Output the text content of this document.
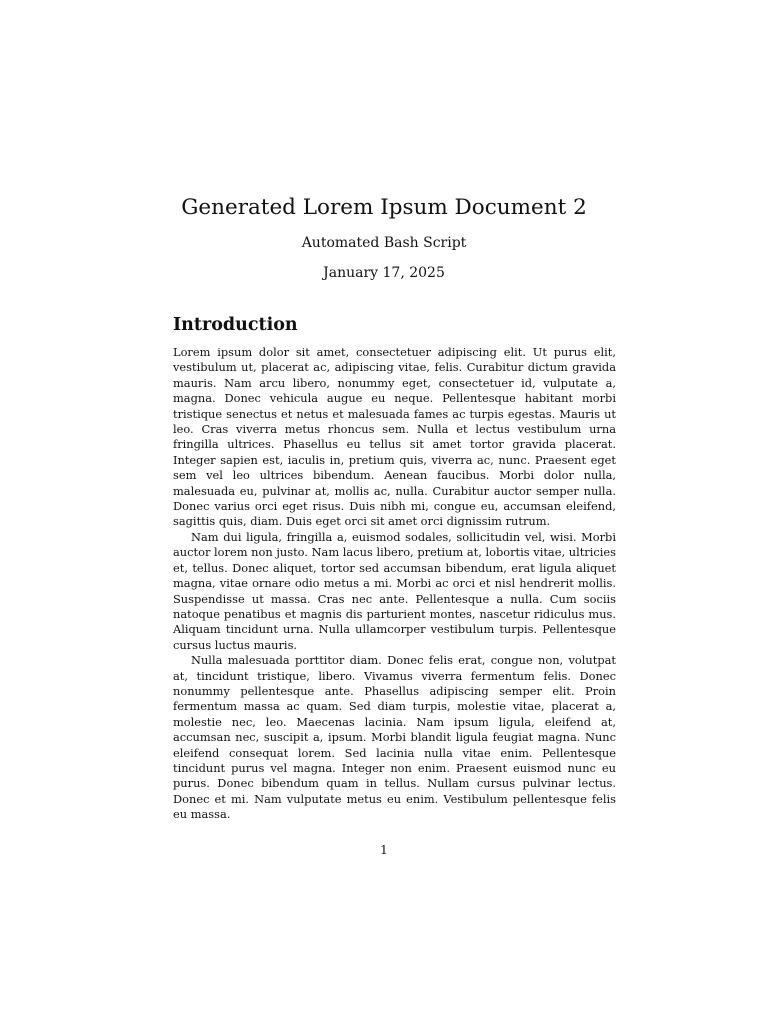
Generated Lorem Ipsum Document 2
Automated Bash Script
January 17, 2025
Introduction

Lorem ipsum dolor sit amet, consectetuer adipiscing elit. Ut purus elit, vestibulum ut, placerat ac, adipiscing vitae, felis. Curabitur dictum gravida mauris. Nam arcu libero, nonummy eget, consectetuer id, vulputate a, magna. Donec vehicula augue eu neque. Pellentesque habitant morbi tristique senectus et netus et malesuada fames ac turpis egestas. Mauris ut leo. Cras viverra metus rhoncus sem. Nulla et lectus vestibulum urna fringilla ultrices. Phasellus eu tellus sit amet tortor gravida placerat. Integer sapien est, iaculis in, pretium quis, viverra ac, nunc. Praesent eget sem vel leo ultrices bibendum. Aenean faucibus. Morbi dolor nulla, malesuada eu, pulvinar at, mollis ac, nulla. Curabitur auctor semper nulla. Donec varius orci eget risus. Duis nibh mi, congue eu, accumsan eleifend, sagittis quis, diam. Duis eget orci sit amet orci dignissim rutrum.

Nam dui ligula, fringilla a, euismod sodales, sollicitudin vel, wisi. Morbi auctor lorem non justo. Nam lacus libero, pretium at, lobortis vitae, ultricies et, tellus. Donec aliquet, tortor sed accumsan bibendum, erat ligula aliquet magna, vitae ornare odio metus a mi. Morbi ac orci et nisl hendrerit mollis. Suspendisse ut massa. Cras nec ante. Pellentesque a nulla. Cum sociis natoque penatibus et magnis dis parturient montes, nascetur ridiculus mus. Aliquam tincidunt urna. Nulla ullamcorper vestibulum turpis. Pellentesque cursus luctus mauris.

Nulla malesuada porttitor diam. Donec felis erat, congue non, volutpat at, tincidunt tristique, libero. Vivamus viverra fermentum felis. Donec nonummy pellentesque ante. Phasellus adipiscing semper elit. Proin fermentum massa ac quam. Sed diam turpis, molestie vitae, placerat a, molestie nec, leo. Maecenas lacinia. Nam ipsum ligula, eleifend at, accumsan nec, suscipit a, ipsum. Morbi blandit ligula feugiat magna. Nunc eleifend consequat lorem. Sed lacinia nulla vitae enim. Pellentesque tincidunt purus vel magna. Integer non enim. Praesent euismod nunc eu purus. Donec bibendum quam in tellus. Nullam cursus pulvinar lectus. Donec et mi. Nam vulputate metus eu enim. Vestibulum pellentesque felis eu massa.

1
